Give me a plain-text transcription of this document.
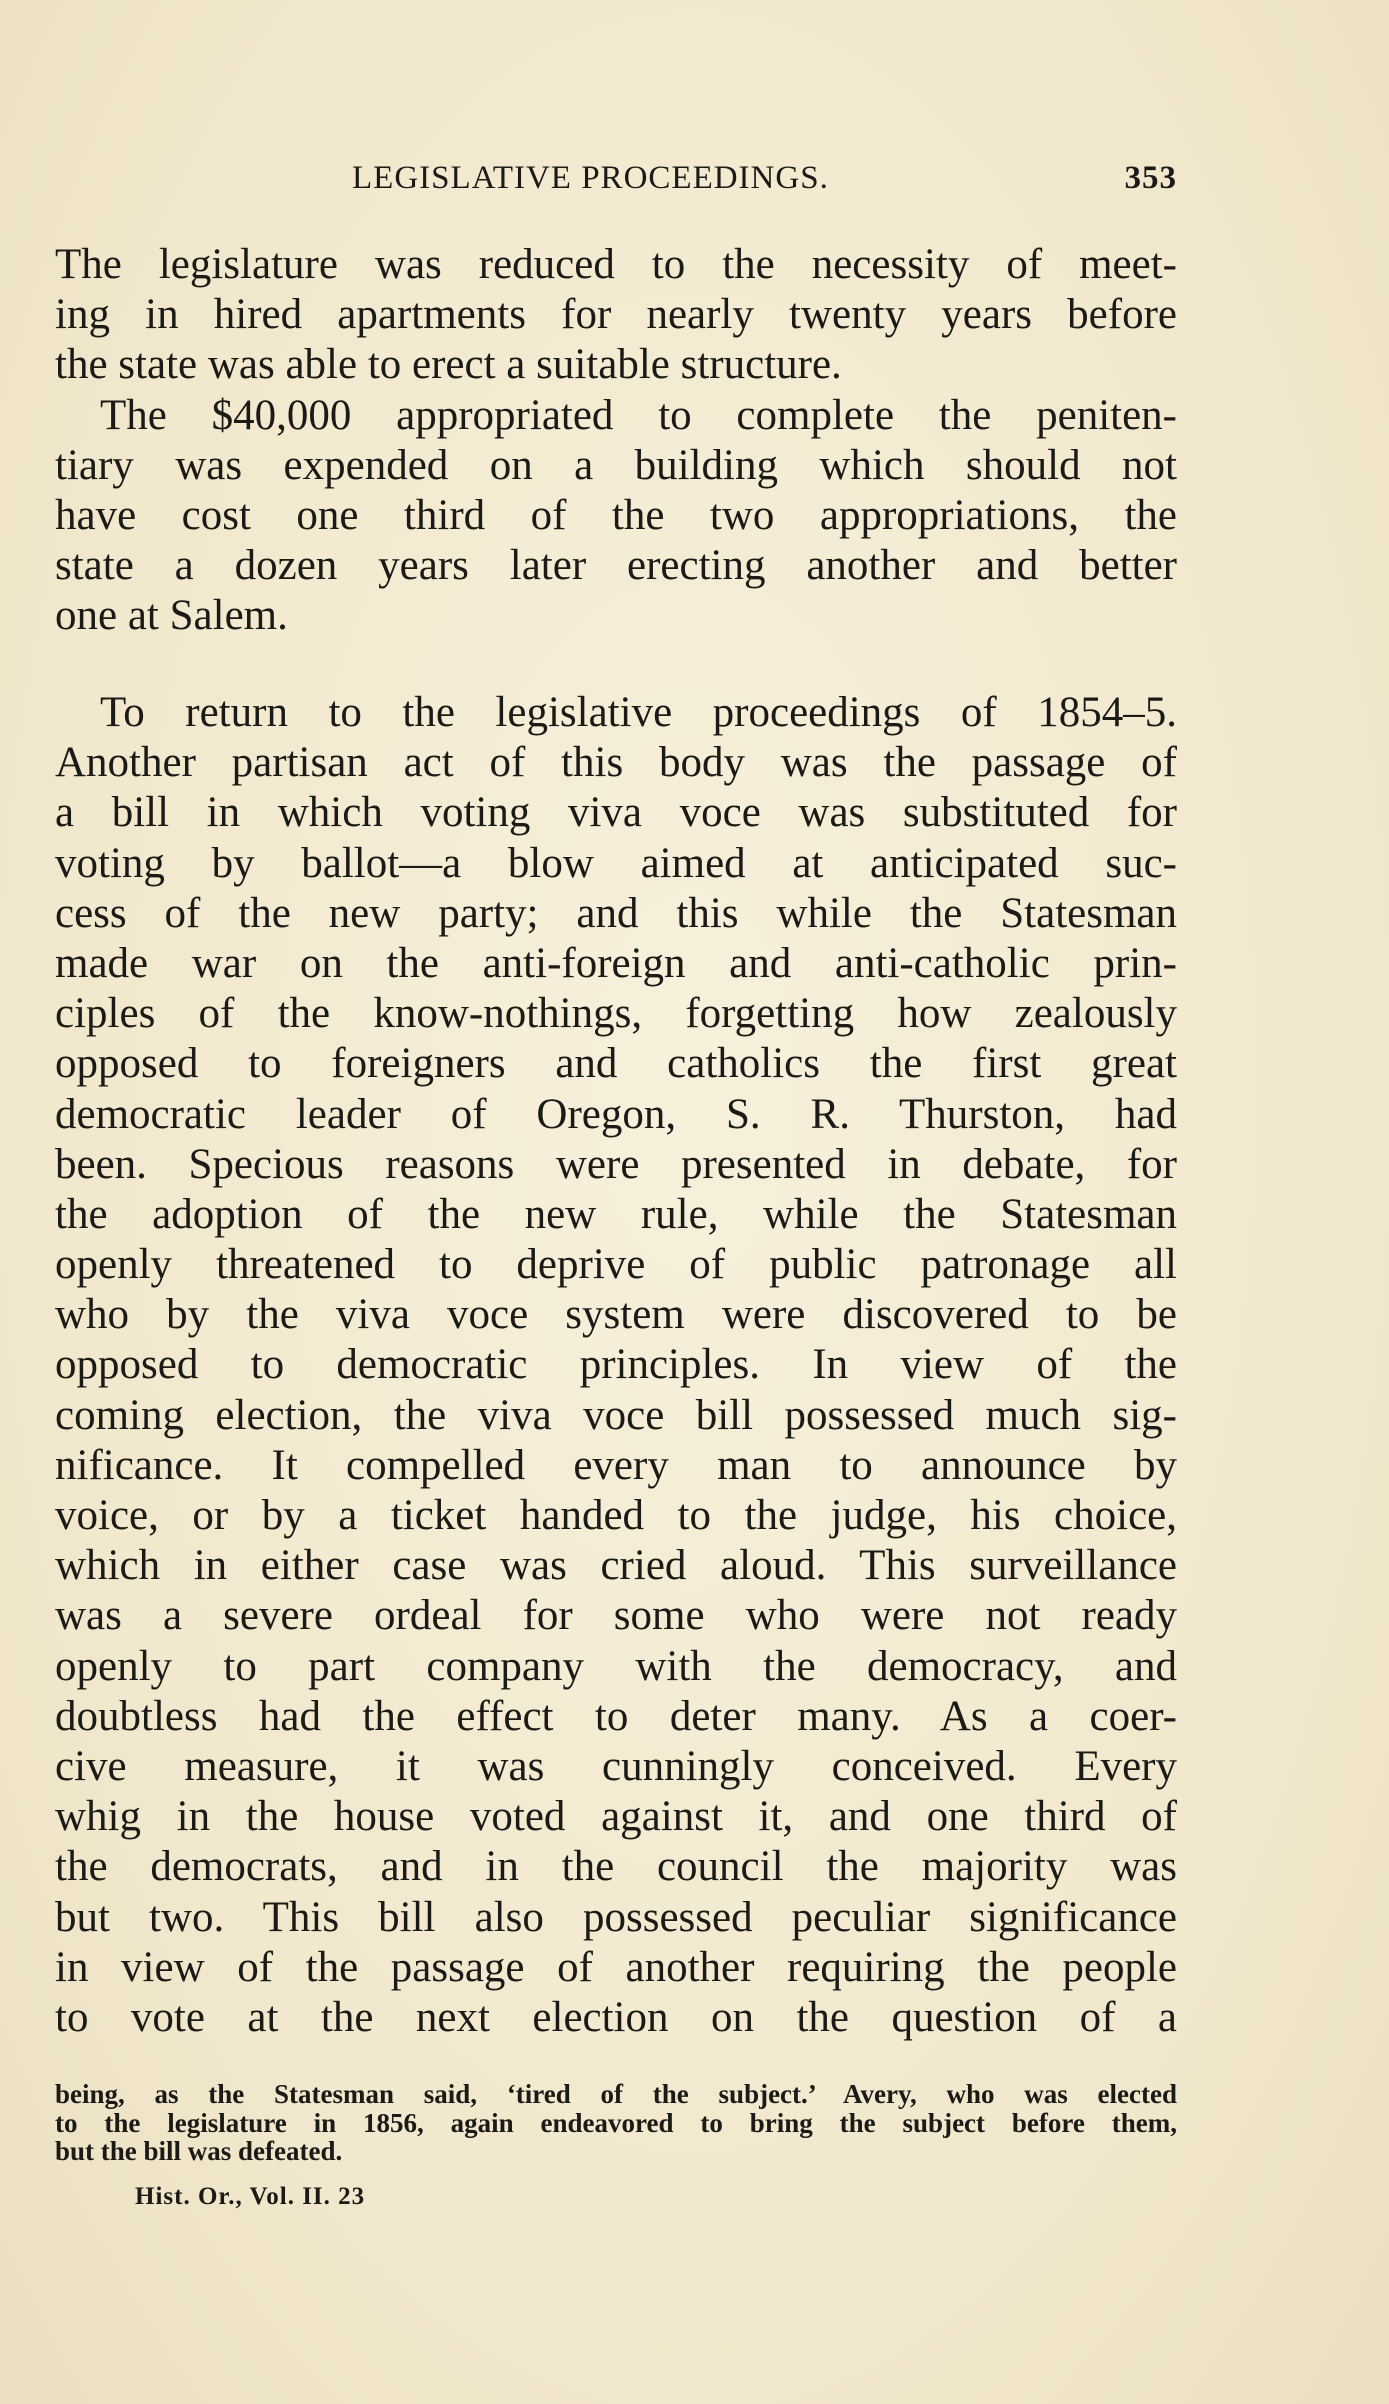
LEGISLATIVE PROCEEDINGS.	353
The legislature was reduced to the necessity of meet-
ing in hired apartments for nearly twenty years before
the state was able to erect a suitable structure.
The $40,000 appropriated to complete the peniten-
tiary was expended on a building which should not
have cost one third of the two appropriations, the
state a dozen years later erecting another and better
one at Salem.
To return to the legislative proceedings of 1854–5.
Another partisan act of this body was the passage of
a bill in which voting viva voce was substituted for
voting by ballot—a blow aimed at anticipated suc-
cess of the new party; and this while the Statesman
made war on the anti-foreign and anti-catholic prin-
ciples of the know-nothings, forgetting how zealously
opposed to foreigners and catholics the first great
democratic leader of Oregon, S. R. Thurston, had
been. Specious reasons were presented in debate, for
the adoption of the new rule, while the Statesman
openly threatened to deprive of public patronage all
who by the viva voce system were discovered to be
opposed to democratic principles. In view of the
coming election, the viva voce bill possessed much sig-
nificance. It compelled every man to announce by
voice, or by a ticket handed to the judge, his choice,
which in either case was cried aloud. This surveillance
was a severe ordeal for some who were not ready
openly to part company with the democracy, and
doubtless had the effect to deter many. As a coer-
cive measure, it was cunningly conceived. Every
whig in the house voted against it, and one third of
the democrats, and in the council the majority was
but two. This bill also possessed peculiar significance
in view of the passage of another requiring the people
to vote at the next election on the question of a
being, as the Statesman said, ‘tired of the subject.’ Avery, who was elected
to the legislature in 1856, again endeavored to bring the subject before them,
but the bill was defeated.
Hist. Or., Vol. II. 23
